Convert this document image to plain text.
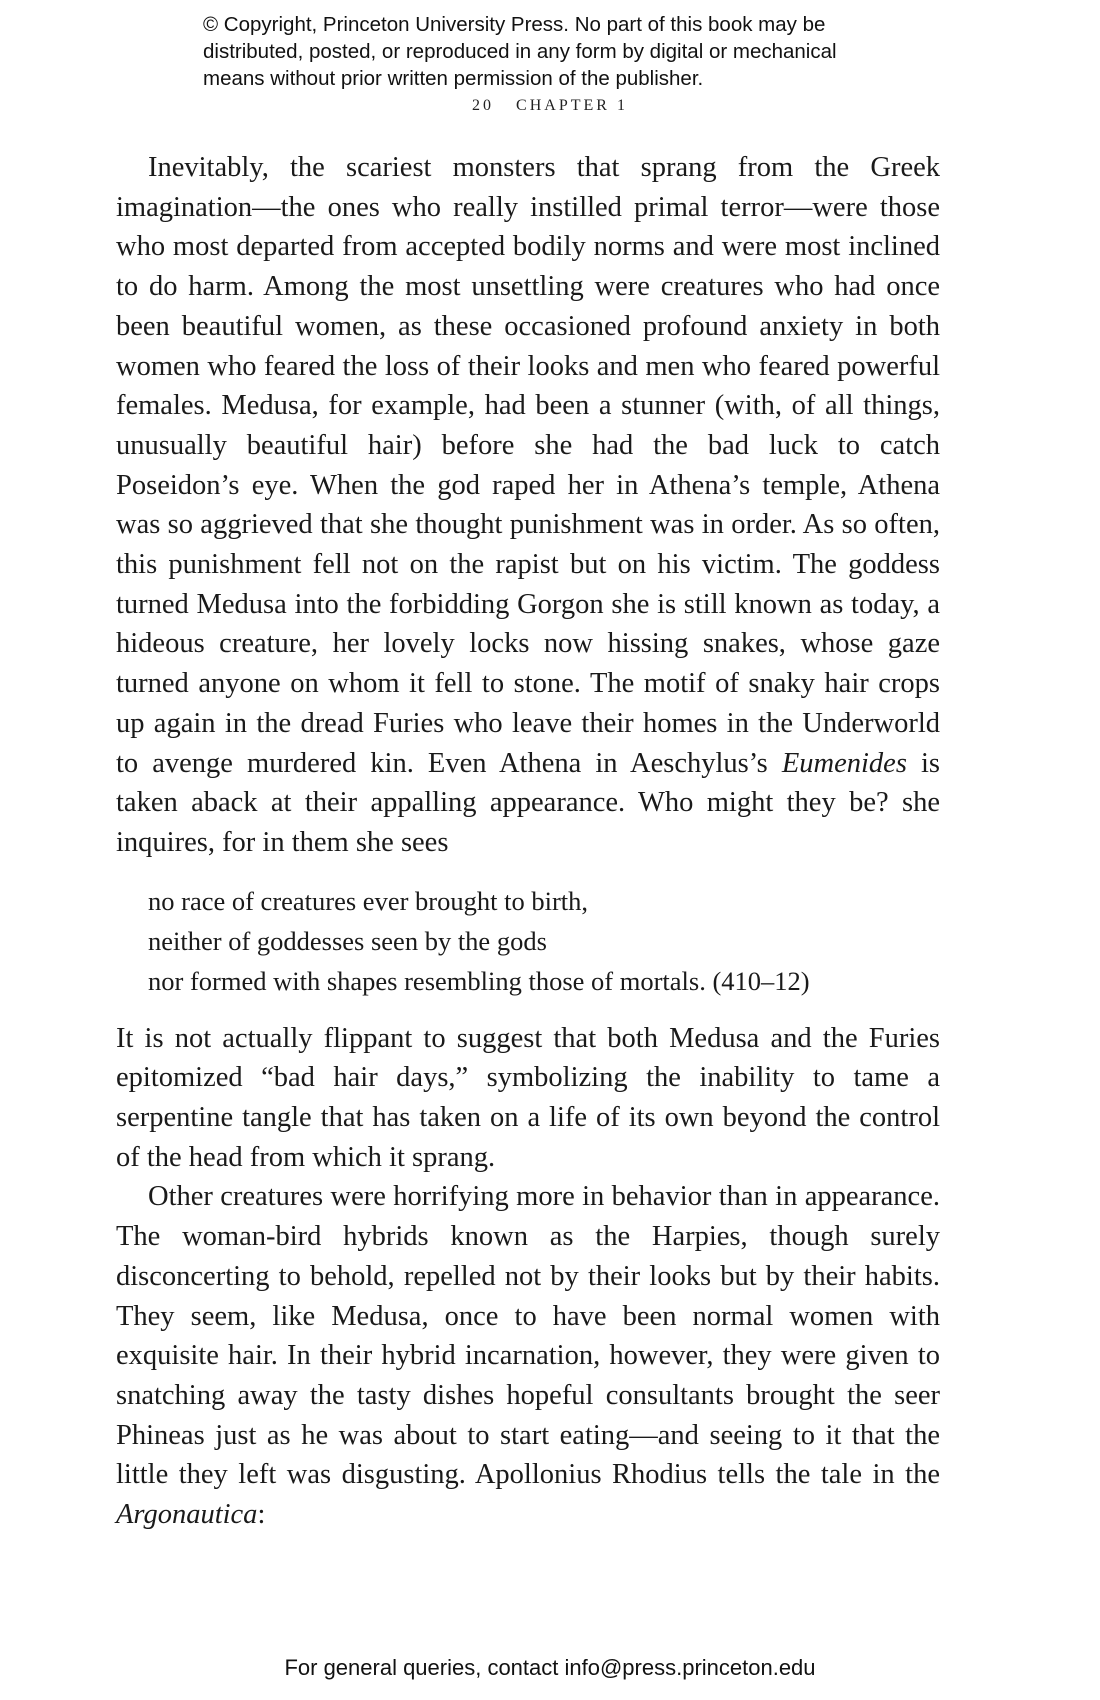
© Copyright, Princeton University Press. No part of this book may be
distributed, posted, or reproduced in any form by digital or mechanical
means without prior written permission of the publisher.
20 CHAPTER 1

Inevitably, the scariest monsters that sprang from the Greek imagination—the ones who really instilled primal terror—were those who most departed from accepted bodily norms and were most inclined to do harm. Among the most unsettling were creatures who had once been beautiful women, as these occasioned profound anxiety in both women who feared the loss of their looks and men who feared powerful females. Medusa, for example, had been a stunner (with, of all things, unusually beautiful hair) before she had the bad luck to catch Poseidon’s eye. When the god raped her in Athena’s temple, Athena was so aggrieved that she thought punishment was in order. As so often, this punishment fell not on the rapist but on his victim. The goddess turned Medusa into the forbidding Gorgon she is still known as today, a hideous creature, her lovely locks now hissing snakes, whose gaze turned anyone on whom it fell to stone. The motif of snaky hair crops up again in the dread Furies who leave their homes in the Underworld to avenge murdered kin. Even Athena in Aeschylus’s Eumenides is taken aback at their appalling appearance. Who might they be? she inquires, for in them she sees

no race of creatures ever brought to birth,
neither of goddesses seen by the gods
nor formed with shapes resembling those of mortals. (410–12)

It is not actually flippant to suggest that both Medusa and the Furies epitomized “bad hair days,” symbolizing the inability to tame a serpentine tangle that has taken on a life of its own beyond the control of the head from which it sprang.

Other creatures were horrifying more in behavior than in appearance. The woman-bird hybrids known as the Harpies, though surely disconcerting to behold, repelled not by their looks but by their habits. They seem, like Medusa, once to have been normal women with exquisite hair. In their hybrid incarnation, however, they were given to snatching away the tasty dishes hopeful consultants brought the seer Phineas just as he was about to start eating—and seeing to it that the little they left was disgusting. Apollonius Rhodius tells the tale in the Argonautica:

For general queries, contact info@press.princeton.edu
